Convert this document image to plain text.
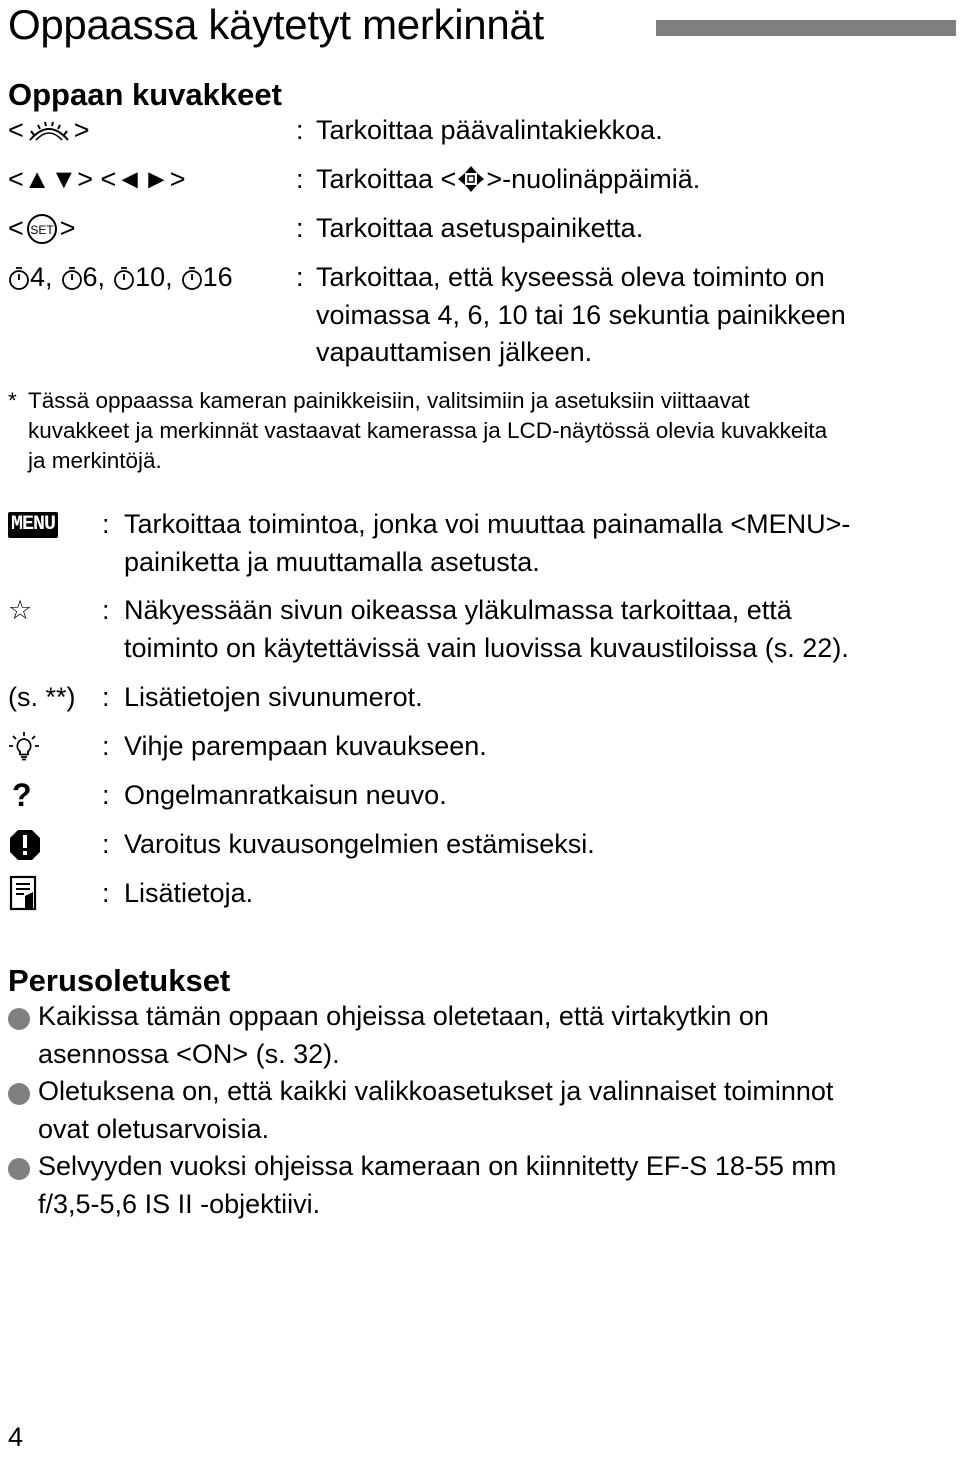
Oppaassa käytetyt merkinnät
Oppaan kuvakkeet
< >	: Tarkoittaa päävalintakiekkoa.
<▲▼> <◄►>	: Tarkoittaa < >-nuolinäppäimiä.
< SET >	: Tarkoittaa asetuspainiketta.
4, 6, 10, 16 : Tarkoittaa, että kyseessä oleva toiminto on
voimassa 4, 6, 10 tai 16 sekuntia painikkeen
vapauttamisen jälkeen.
* Tässä oppaassa kameran painikkeisiin, valitsimiin ja asetuksiin viittaavat
kuvakkeet ja merkinnät vastaavat kamerassa ja LCD-näytössä olevia kuvakkeita
ja merkintöjä.
MENU : Tarkoittaa toimintoa, jonka voi muuttaa painamalla <MENU>-
painiketta ja muuttamalla asetusta.
☆	: Näkyessään sivun oikeassa yläkulmassa tarkoittaa, että
toiminto on käytettävissä vain luovissa kuvaustiloissa (s. 22).
(s. **) : Lisätietojen sivunumerot.
: Vihje parempaan kuvaukseen.
?	: Ongelmanratkaisun neuvo.
: Varoitus kuvausongelmien estämiseksi.
: Lisätietoja.
Perusoletukset
Kaikissa tämän oppaan ohjeissa oletetaan, että virtakytkin on
asennossa <ON> (s. 32).
Oletuksena on, että kaikki valikkoasetukset ja valinnaiset toiminnot
ovat oletusarvoisia.
Selvyyden vuoksi ohjeissa kameraan on kiinnitetty EF-S 18-55 mm
f/3,5-5,6 IS II -objektiivi.
4
